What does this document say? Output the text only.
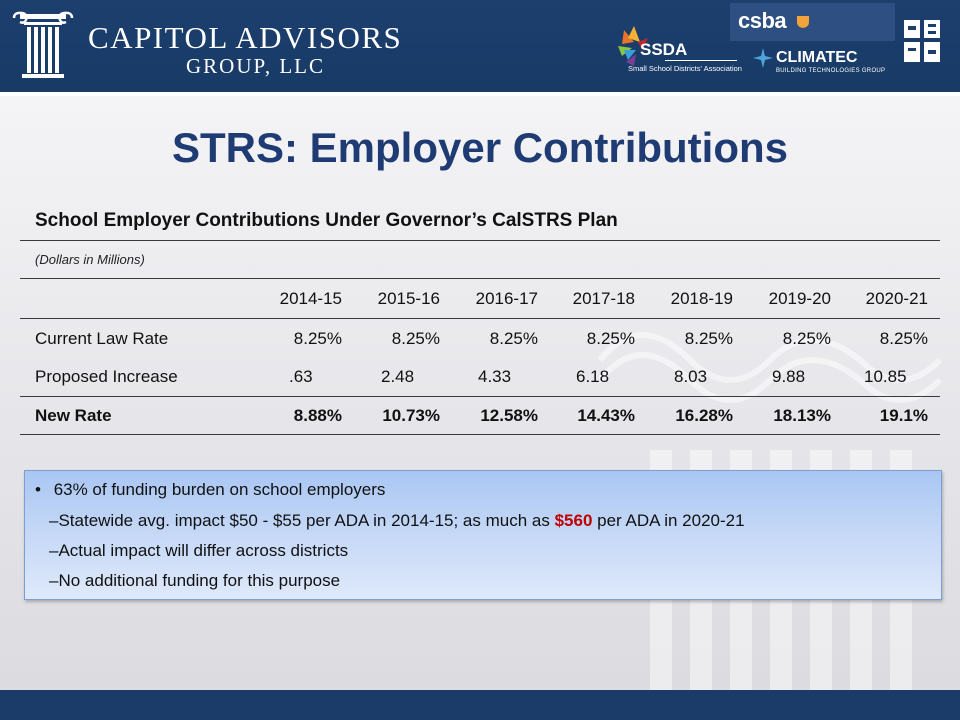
CAPITOL ADVISORS
GROUP, LLC
SSDA
Small School Districts' Association
csba
CLIMATEC
BUILDING TECHNOLOGIES GROUP
STRS: Employer Contributions
School Employer Contributions Under Governor’s CalSTRS Plan
(Dollars in Millions)
2014-15 2015-16 2016-17 2017-18 2018-19 2019-20 2020-21
Current Law Rate	8.25%	8.25%	8.25%	8.25%	8.25%	8.25%	8.25%
Proposed Increase	.63	2.48	4.33	6.18	8.03	9.88	10.85
New Rate	8.88% 10.73% 12.58% 14.43% 16.28% 18.13%	19.1%
• 63% of funding burden on school employers
–Statewide avg. impact $50 - $55 per ADA in 2014-15; as much as $560 per ADA in 2020-21
–Actual impact will differ across districts
–No additional funding for this purpose
